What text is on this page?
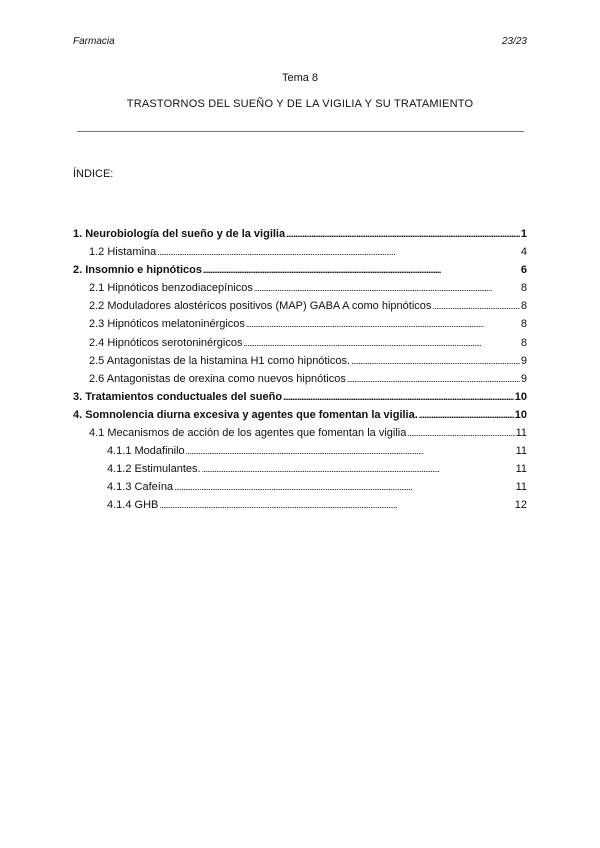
Farmacia	23/23
Tema 8
TRASTORNOS DEL SUEÑO Y DE LA VIGILIA Y SU TRATAMIENTO
ÍNDICE:
1. Neurobiología del sueño y de la vigilia . . .	1
1.2 Histamina . . .	4
2. Insomnio e hipnóticos . . .	6
2.1 Hipnóticos benzodiacepínicos . . .	8
2.2 Moduladores alostéricos positivos (MAP) GABA A como hipnóticos . . .	8
2.3 Hipnóticos melatoninérgicos . . .	8
2.4 Hipnóticos serotoninérgicos . . .	8
2.5 Antagonistas de la histamina H1 como hipnóticos. . . .	9
2.6 Antagonistas de orexina como nuevos hipnóticos . . .	9
3. Tratamientos conductuales del sueño . . .	10
4. Somnolencia diurna excesiva y agentes que fomentan la vigilia. . . .	10
4.1 Mecanismos de acción de los agentes que fomentan la vigilia . . .	11
4.1.1 Modafinilo . . .	11
4.1.2 Estimulantes. . . .	11
4.1.3 Cafeína . . .	11
4.1.4 GHB . . .	12
